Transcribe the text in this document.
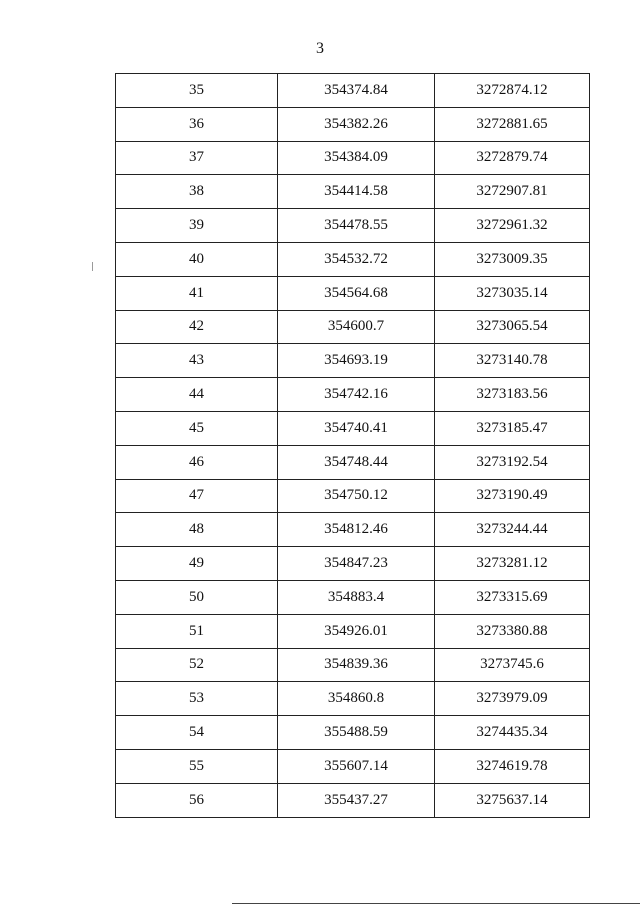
3
35	354374.84	3272874.12
36	354382.26	3272881.65
37	354384.09	3272879.74
38	354414.58	3272907.81
39	354478.55	3272961.32
40	354532.72	3273009.35
41	354564.68	3273035.14
42	354600.7	3273065.54
43	354693.19	3273140.78
44	354742.16	3273183.56
45	354740.41	3273185.47
46	354748.44	3273192.54
47	354750.12	3273190.49
48	354812.46	3273244.44
49	354847.23	3273281.12
50	354883.4	3273315.69
51	354926.01	3273380.88
52	354839.36	3273745.6
53	354860.8	3273979.09
54	355488.59	3274435.34
55	355607.14	3274619.78
56	355437.27	3275637.14
